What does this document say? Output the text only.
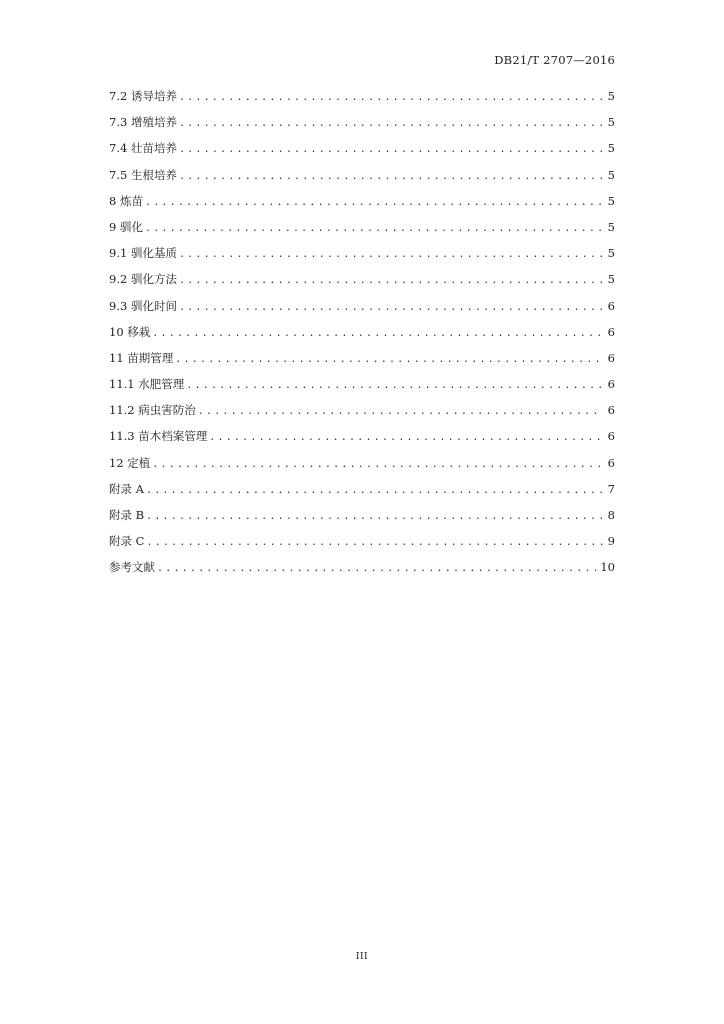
DB21/T 2707—2016
7.2 诱导培养 .....	5
7.3 增殖培养 .....	5
7.4 壮苗培养 .....	5
7.5 生根培养 .....	5
8 炼苗 .....	5
9 驯化 .....	5
9.1 驯化基质 .....	5
9.2 驯化方法 .....	5
9.3 驯化时间 .....	6
10 移栽 .....	6
11 苗期管理 .....	6
11.1 水肥管理 .....	6
11.2 病虫害防治 .....	6
11.3 苗木档案管理 .....	6
12 定植 .....	6
附录 A .....	7
附录 B .....	8
附录 C .....	9
参考文献 .....	10
III
